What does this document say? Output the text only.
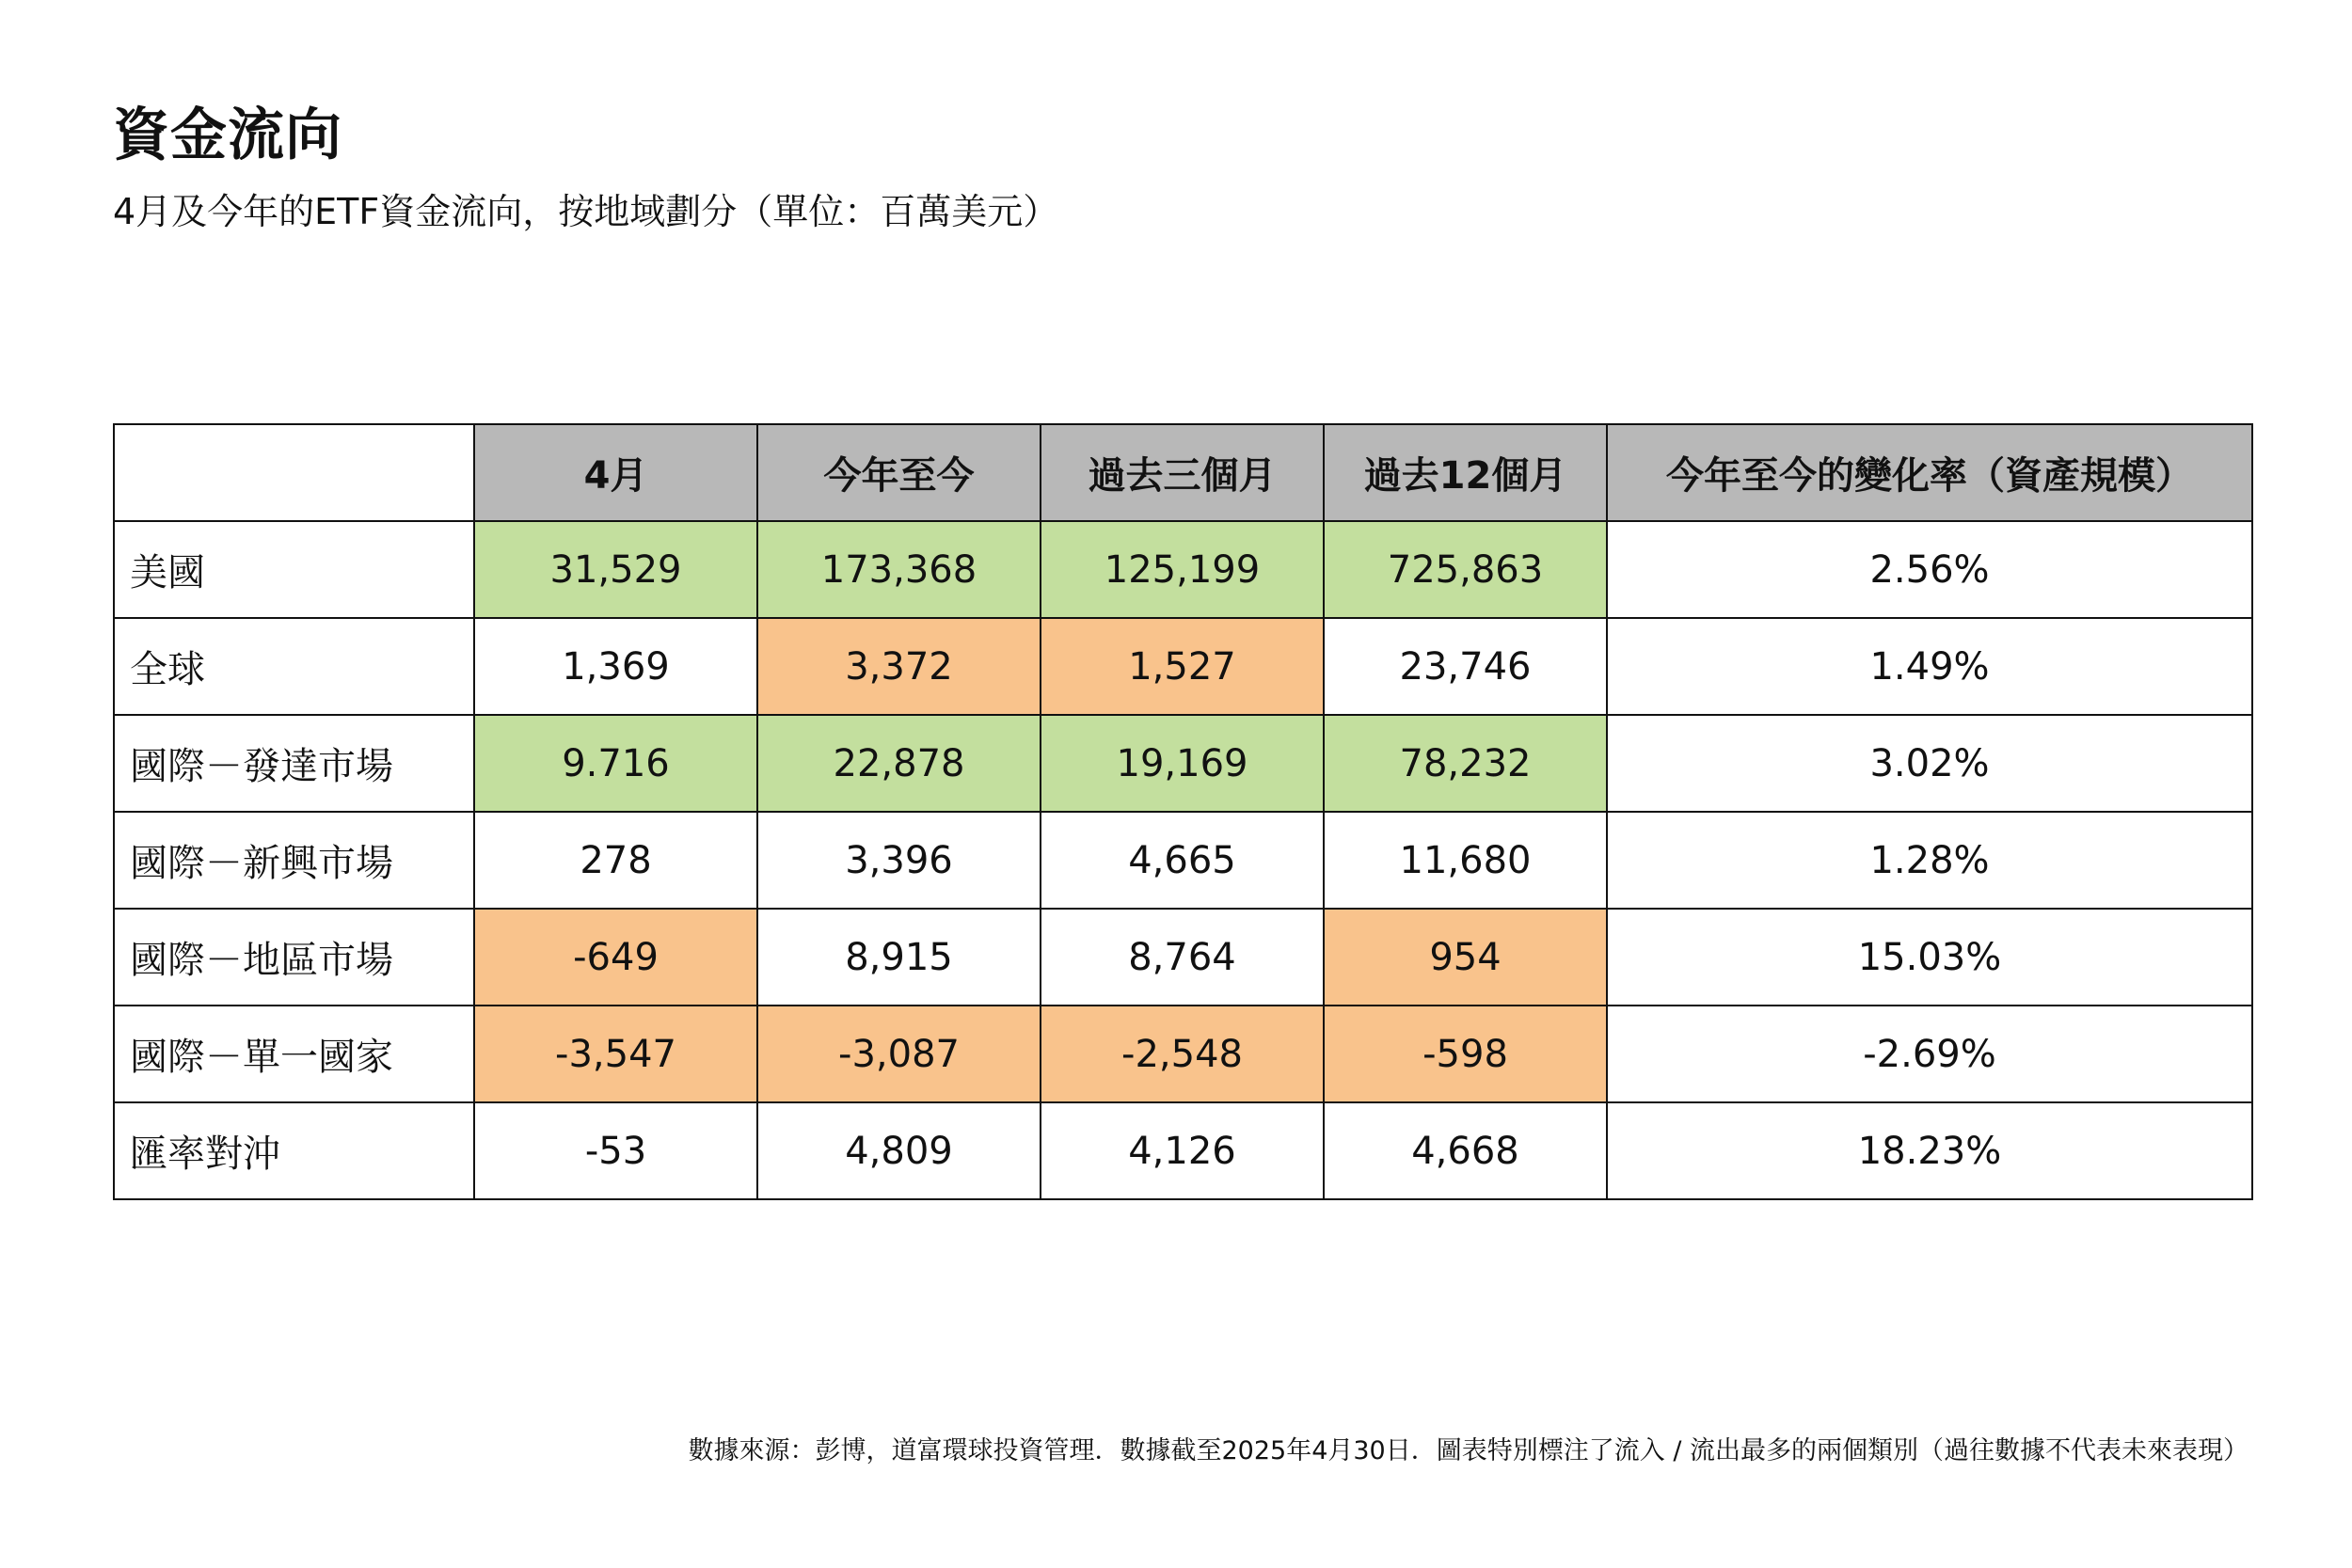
資金流向
4月及今年的ETF資金流向，按地域劃分（單位：百萬美元）
	4月	今年至今	過去三個月	過去12個月	今年至今的變化率（資產規模）
美國	31,529	173,368	125,199	725,863	2.56%
全球	1,369	3,372	1,527	23,746	1.49%
國際－發達市場	9.716	22,878	19,169	78,232	3.02%
國際－新興市場	278	3,396	4,665	11,680	1.28%
國際－地區市場	-649	8,915	8,764	954	15.03%
國際－單一國家	-3,547	-3,087	-2,548	-598	-2.69%
匯率對沖	-53	4,809	4,126	4,668	18.23%
數據來源：彭博，道富環球投資管理．數據截至2025年4月30日．圖表特別標注了流入 / 流出最多的兩個類別（過往數據不代表未來表現）
